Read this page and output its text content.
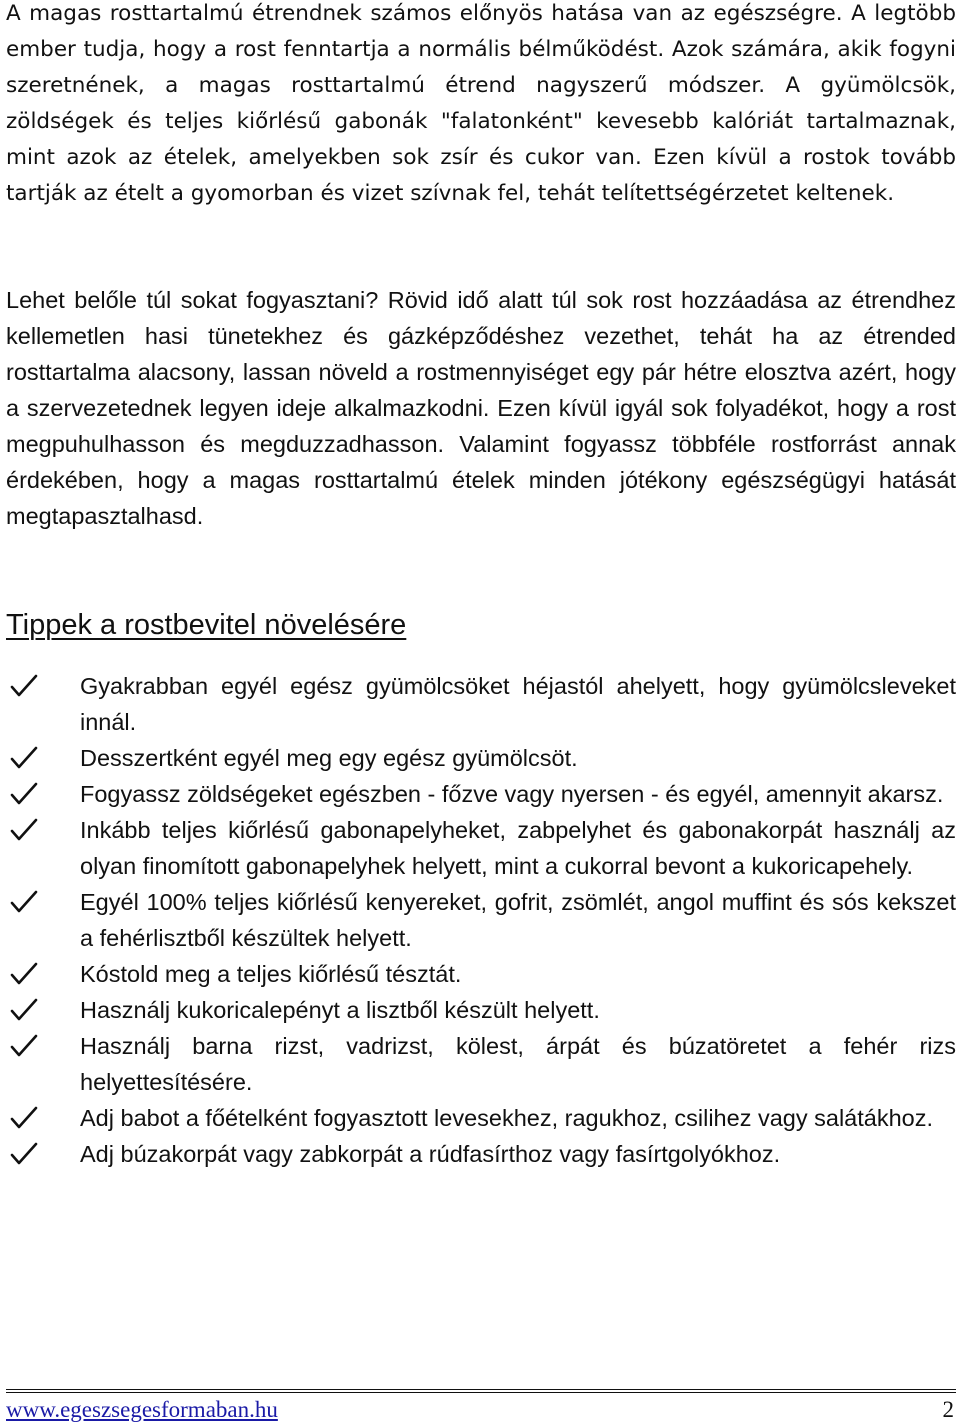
A magas rosttartalmú étrendnek számos előnyös hatása van az egészségre. A legtöbb ember tudja, hogy a rost fenntartja a normális bélműködést. Azok számára, akik fogyni szeretnének, a magas rosttartalmú étrend nagyszerű módszer. A gyümölcsök, zöldségek és teljes kiőrlésű gabonák "falatonként" kevesebb kalóriát tartalmaznak, mint azok az ételek, amelyekben sok zsír és cukor van. Ezen kívül a rostok tovább tartják az ételt a gyomorban és vizet szívnak fel, tehát telítettségérzetet keltenek.

Lehet belőle túl sokat fogyasztani? Rövid idő alatt túl sok rost hozzáadása az étrendhez kellemetlen hasi tünetekhez és gázképződéshez vezethet, tehát ha az étrended rosttartalma alacsony, lassan növeld a rostmennyiséget egy pár hétre elosztva azért, hogy a szervezetednek legyen ideje alkalmazkodni. Ezen kívül igyál sok folyadékot, hogy a rost megpuhulhasson és megduzzadhasson. Valamint fogyassz többféle rostforrást annak érdekében, hogy a magas rosttartalmú ételek minden jótékony egészségügyi hatását megtapasztalhasd.

Tippek a rostbevitel növelésére
Gyakrabban egyél egész gyümölcsöket héjastól ahelyett, hogy gyümölcsleveket innál.
Desszertként egyél meg egy egész gyümölcsöt.
Fogyassz zöldségeket egészben - főzve vagy nyersen - és egyél, amennyit akarsz.
Inkább teljes kiőrlésű gabonapelyheket, zabpelyhet és gabonakorpát használj az olyan finomított gabonapelyhek helyett, mint a cukorral bevont a kukoricapehely.
Egyél 100% teljes kiőrlésű kenyereket, gofrit, zsömlét, angol muffint és sós kekszet a fehérlisztből készültek helyett.
Kóstold meg a teljes kiőrlésű tésztát.
Használj kukoricalepényt a lisztből készült helyett.
Használj barna rizst, vadrizst, kölest, árpát és búzatöretet a fehér rizs helyettesítésére.
Adj babot a főételként fogyasztott levesekhez, ragukhoz, csilihez vagy salátákhoz.
Adj búzakorpát vagy zabkorpát a rúdfasírthoz vagy fasírtgolyókhoz.
www.egeszsegesformaban.hu	2
